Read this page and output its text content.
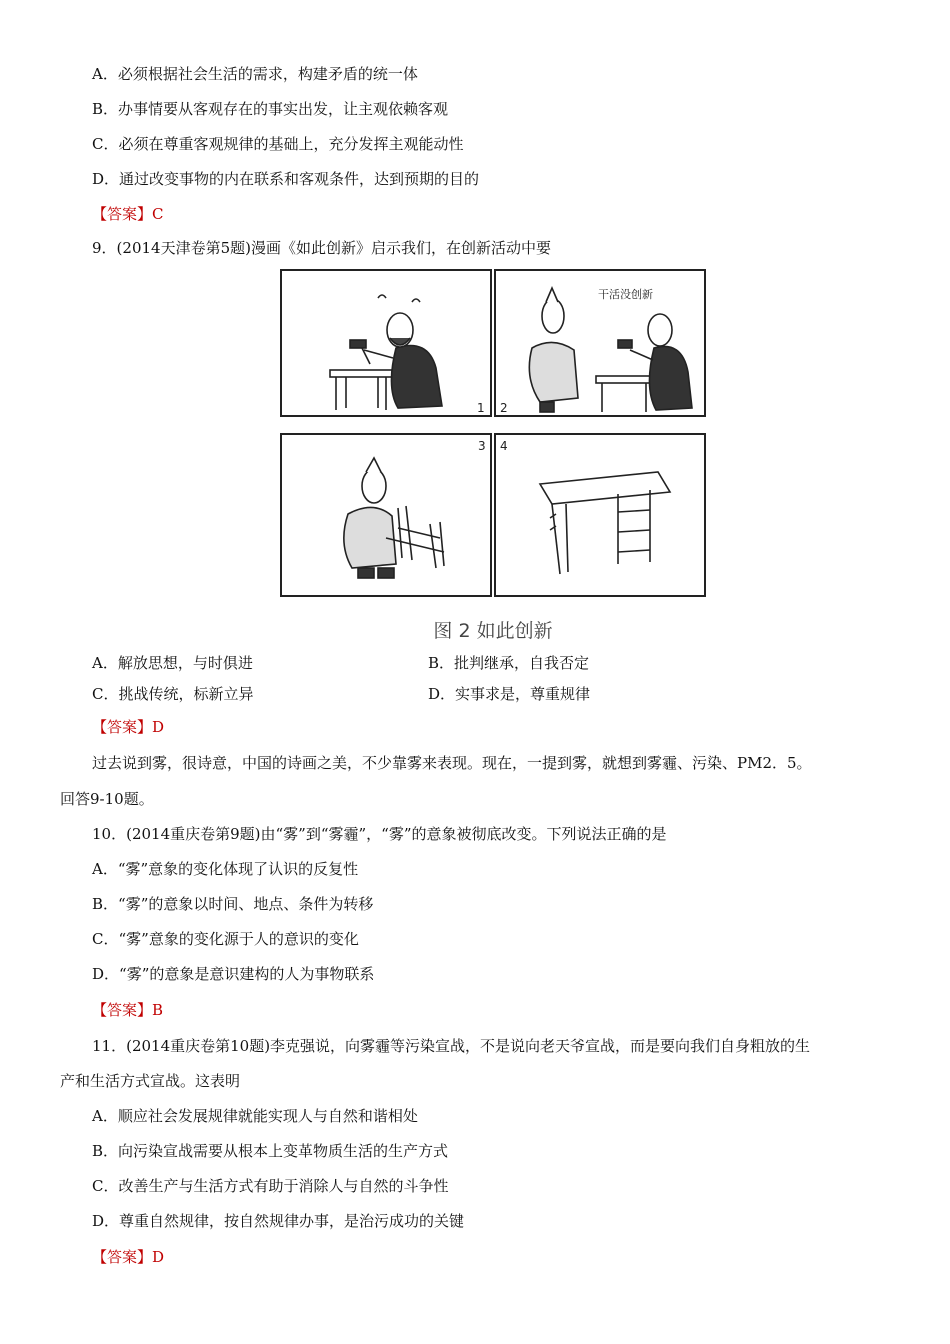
A．必须根据社会生活的需求，构建矛盾的统一体
B．办事情要从客观存在的事实出发，让主观依赖客观
C．必须在尊重客观规律的基础上，充分发挥主观能动性
D．通过改变事物的内在联系和客观条件，达到预期的目的
【答案】C
9．(2014天津卷第5题)漫画《如此创新》启示我们，在创新活动中要
1 2
干活没创新
3 4
图 2 如此创新
A．解放思想，与时俱进	B．批判继承，自我否定
C．挑战传统，标新立异	D．实事求是，尊重规律
【答案】D
过去说到雾，很诗意，中国的诗画之美，不少靠雾来表现。现在，一提到雾，就想到雾霾、污染、PM2．5。
回答9-10题。
10．(2014重庆卷第9题)由“雾”到“雾霾”，“雾”的意象被彻底改变。下列说法正确的是
A．“雾”意象的变化体现了认识的反复性
B．“雾”的意象以时间、地点、条件为转移
C．“雾”意象的变化源于人的意识的变化
D．“雾”的意象是意识建构的人为事物联系
【答案】B
11．(2014重庆卷第10题)李克强说，向雾霾等污染宣战，不是说向老天爷宣战，而是要向我们自身粗放的生
产和生活方式宣战。这表明
A．顺应社会发展规律就能实现人与自然和谐相处
B．向污染宣战需要从根本上变革物质生活的生产方式
C．改善生产与生活方式有助于消除人与自然的斗争性
D．尊重自然规律，按自然规律办事，是治污成功的关键
【答案】D
